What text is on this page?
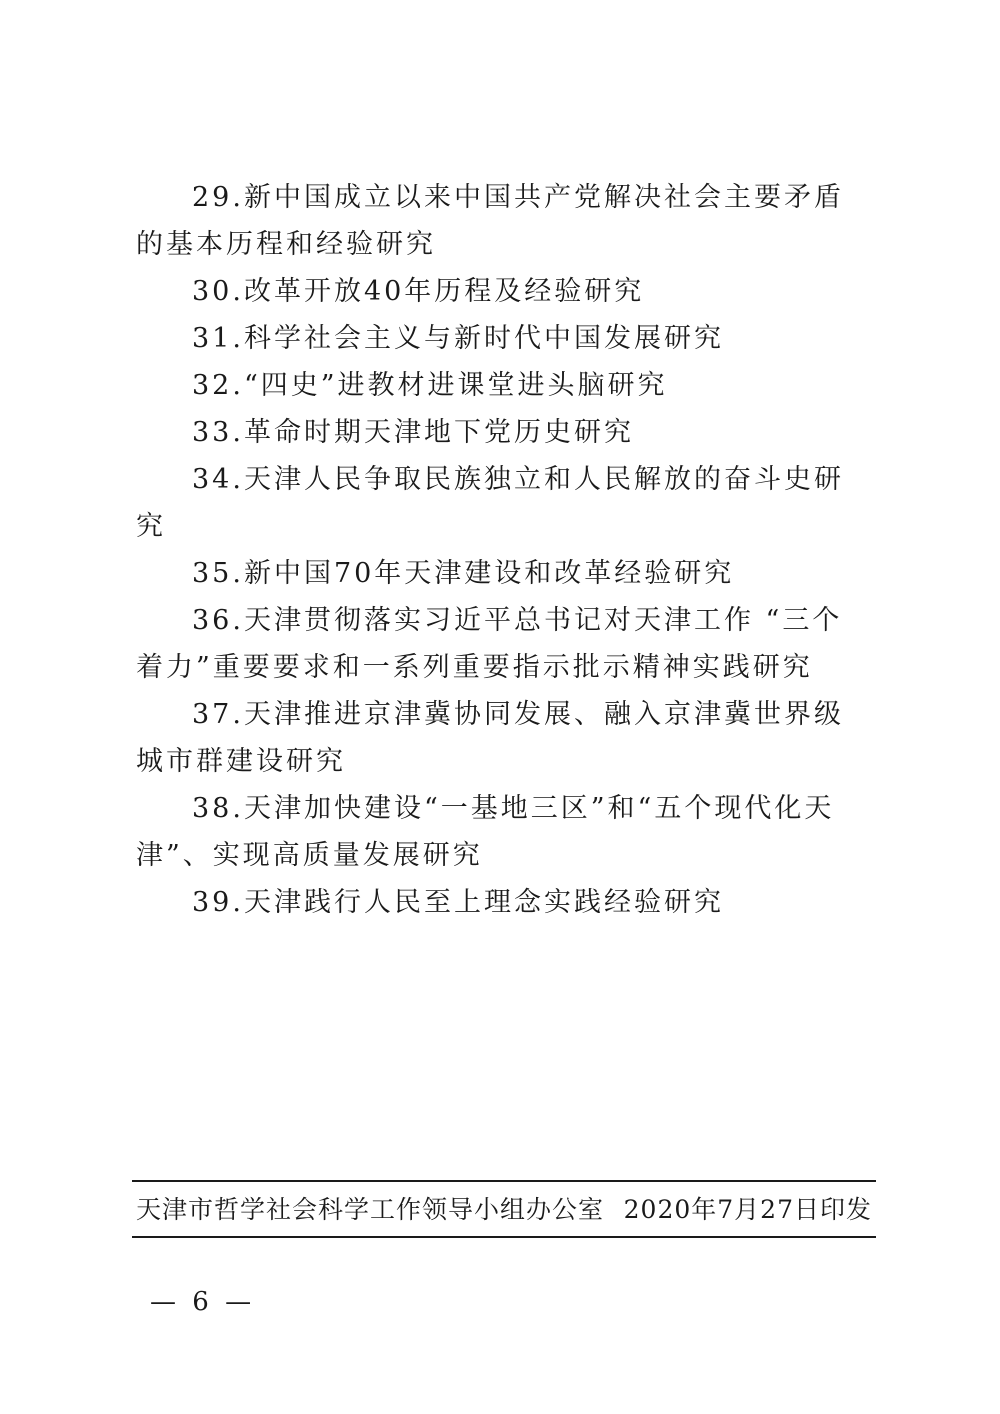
29.新中国成立以来中国共产党解决社会主要矛盾的基本历程和经验研究
30.改革开放40年历程及经验研究
31.科学社会主义与新时代中国发展研究
32.“四史”进教材进课堂进头脑研究
33.革命时期天津地下党历史研究
34.天津人民争取民族独立和人民解放的奋斗史研究
35.新中国70年天津建设和改革经验研究
36.天津贯彻落实习近平总书记对天津工作 “三个着力”重要要求和一系列重要指示批示精神实践研究
37.天津推进京津冀协同发展、融入京津冀世界级城市群建设研究
38.天津加快建设“一基地三区”和“五个现代化天津”、实现高质量发展研究
39.天津践行人民至上理念实践经验研究
天津市哲学社会科学工作领导小组办公室 2020年7月27日印发
— 6 —
